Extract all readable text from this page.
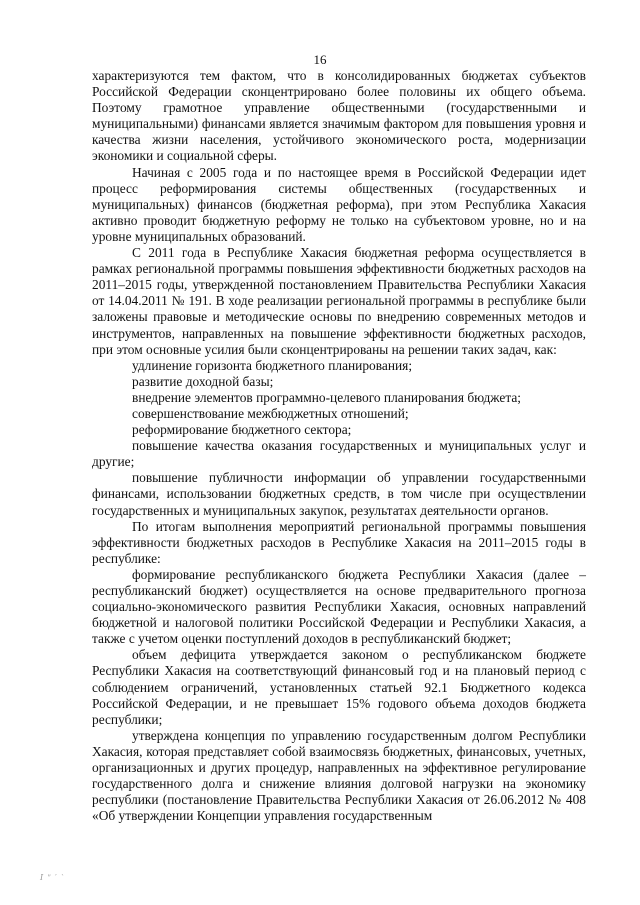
16

характеризуются тем фактом, что в консолидированных бюджетах субъектов Российской Федерации сконцентрировано более половины их общего объема. Поэтому грамотное управление общественными (государственными и муниципальными) финансами является значимым фактором для повышения уровня и качества жизни населения, устойчивого экономического роста, модернизации экономики и социальной сферы.

Начиная с 2005 года и по настоящее время в Российской Федерации идет процесс реформирования системы общественных (государственных и муниципальных) финансов (бюджетная реформа), при этом Республика Хакасия активно проводит бюджетную реформу не только на субъектовом уровне, но и на уровне муниципальных образований.

С 2011 года в Республике Хакасия бюджетная реформа осуществляется в рамках региональной программы повышения эффективности бюджетных расходов на 2011–2015 годы, утвержденной постановлением Правительства Республики Хакасия от 14.04.2011 № 191. В ходе реализации региональной программы в республике были заложены правовые и методические основы по внедрению современных методов и инструментов, направленных на повышение эффективности бюджетных расходов, при этом основные усилия были сконцентрированы на решении таких задач, как:

удлинение горизонта бюджетного планирования;

развитие доходной базы;

внедрение элементов программно-целевого планирования бюджета;

совершенствование межбюджетных отношений;

реформирование бюджетного сектора;

повышение качества оказания государственных и муниципальных услуг и другие;

повышение публичности информации об управлении государственными финансами, использовании бюджетных средств, в том числе при осуществлении государственных и муниципальных закупок, результатах деятельности органов.

По итогам выполнения мероприятий региональной программы повышения эффективности бюджетных расходов в Республике Хакасия на 2011–2015 годы в республике:

формирование республиканского бюджета Республики Хакасия (далее – республиканский бюджет) осуществляется на основе предварительного прогноза социально-экономического развития Республики Хакасия, основных направлений бюджетной и налоговой политики Российской Федерации и Республики Хакасия, а также с учетом оценки поступлений доходов в республиканский бюджет;

объем дефицита утверждается законом о республиканском бюджете Республики Хакасия на соответствующий финансовый год и на плановый период с соблюдением ограничений, установленных статьей 92.1 Бюджетного кодекса Российской Федерации, и не превышает 15% годового объема доходов бюджета республики;

утверждена концепция по управлению государственным долгом Республики Хакасия, которая представляет собой взаимосвязь бюджетных, финансовых, учетных, организационных и других процедур, направленных на эффективное регулирование государственного долга и снижение влияния долговой нагрузки на экономику республики (постановление Правительства Республики Хакасия от 26.06.2012 № 408 «Об утверждении Концепции управления государственным

Ⅰ ″ ˊ ˋ
